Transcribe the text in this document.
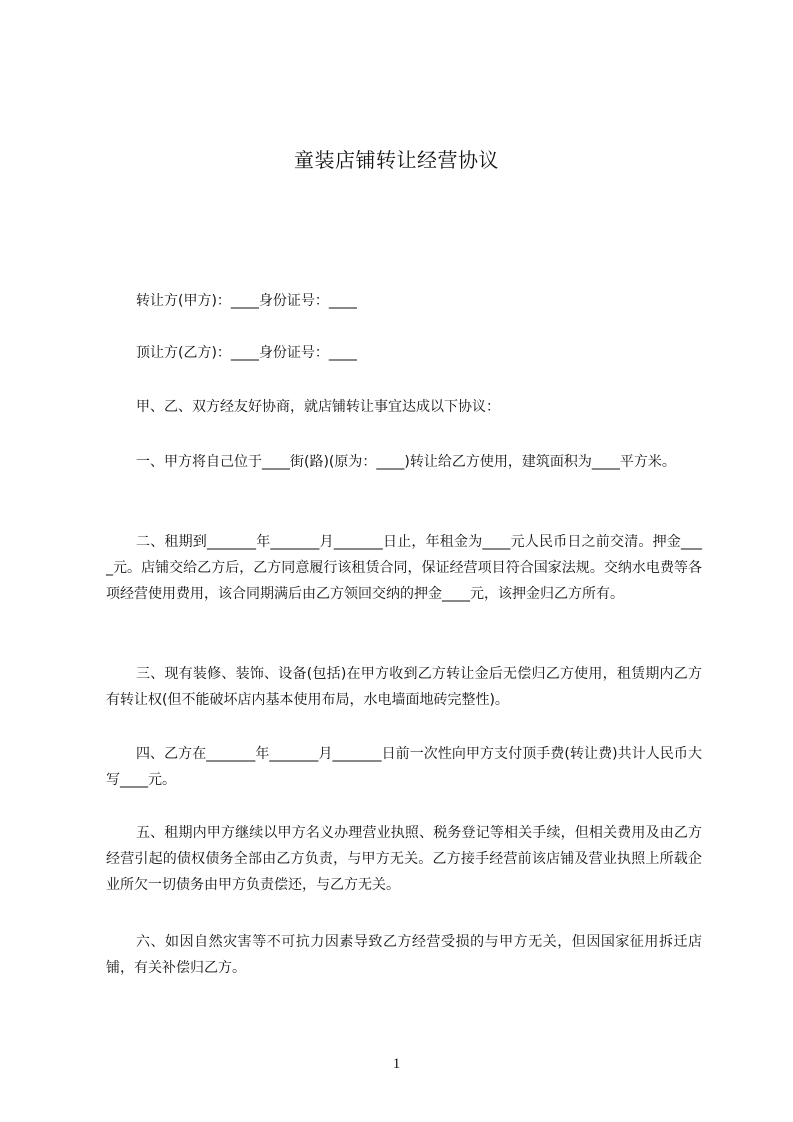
童装店铺转让经营协议

转让方(甲方)：____身份证号：____

顶让方(乙方)：____身份证号：____

甲、乙、双方经友好协商，就店铺转让事宜达成以下协议：

一、甲方将自己位于____街(路)(原为：____)转让给乙方使用，建筑面积为____平方米。

二、租期到_______年_______月_______日止，年租金为____元人民币日之前交清。押金____元。店铺交给乙方后，乙方同意履行该租赁合同，保证经营项目符合国家法规。交纳水电费等各项经营使用费用，该合同期满后由乙方领回交纳的押金____元，该押金归乙方所有。

三、现有装修、装饰、设备(包括)在甲方收到乙方转让金后无偿归乙方使用，租赁期内乙方有转让权(但不能破坏店内基本使用布局，水电墙面地砖完整性)。

四、乙方在_______年_______月_______日前一次性向甲方支付顶手费(转让费)共计人民币大写____元。

五、租期内甲方继续以甲方名义办理营业执照、税务登记等相关手续，但相关费用及由乙方经营引起的债权债务全部由乙方负责，与甲方无关。乙方接手经营前该店铺及营业执照上所载企业所欠一切债务由甲方负责偿还，与乙方无关。

六、如因自然灾害等不可抗力因素导致乙方经营受损的与甲方无关，但因国家征用拆迁店铺，有关补偿归乙方。

1
